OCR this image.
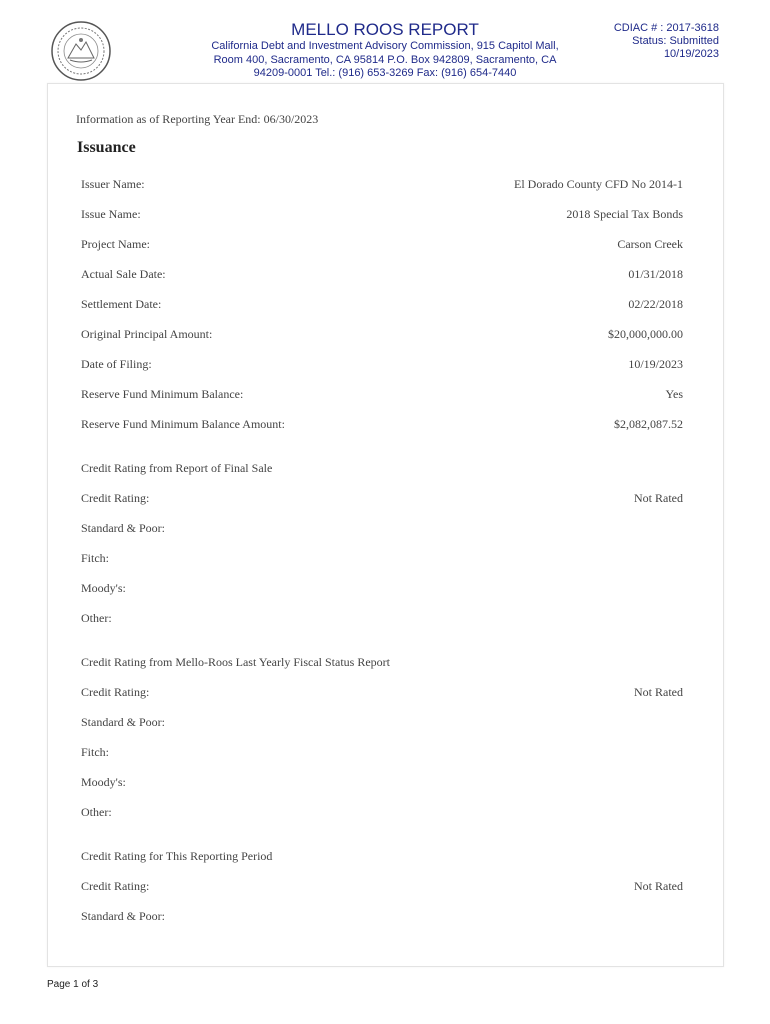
MELLO ROOS REPORT
California Debt and Investment Advisory Commission, 915 Capitol Mall,
Room 400, Sacramento, CA 95814 P.O. Box 942809, Sacramento, CA
94209-0001 Tel.: (916) 653-3269 Fax: (916) 654-7440
CDIAC # : 2017-3618
Status: Submitted
10/19/2023
Information as of Reporting Year End: 06/30/2023
Issuance
Issuer Name:	El Dorado County CFD No 2014-1
Issue Name:	2018 Special Tax Bonds
Project Name:	Carson Creek
Actual Sale Date:	01/31/2018
Settlement Date:	02/22/2018
Original Principal Amount:	$20,000,000.00
Date of Filing:	10/19/2023
Reserve Fund Minimum Balance:	Yes
Reserve Fund Minimum Balance Amount:	$2,082,087.52
Credit Rating from Report of Final Sale
Credit Rating:	Not Rated
Standard & Poor:
Fitch:
Moody's:
Other:
Credit Rating from Mello-Roos Last Yearly Fiscal Status Report
Credit Rating:	Not Rated
Standard & Poor:
Fitch:
Moody's:
Other:
Credit Rating for This Reporting Period
Credit Rating:	Not Rated
Standard & Poor:
Page 1 of 3
